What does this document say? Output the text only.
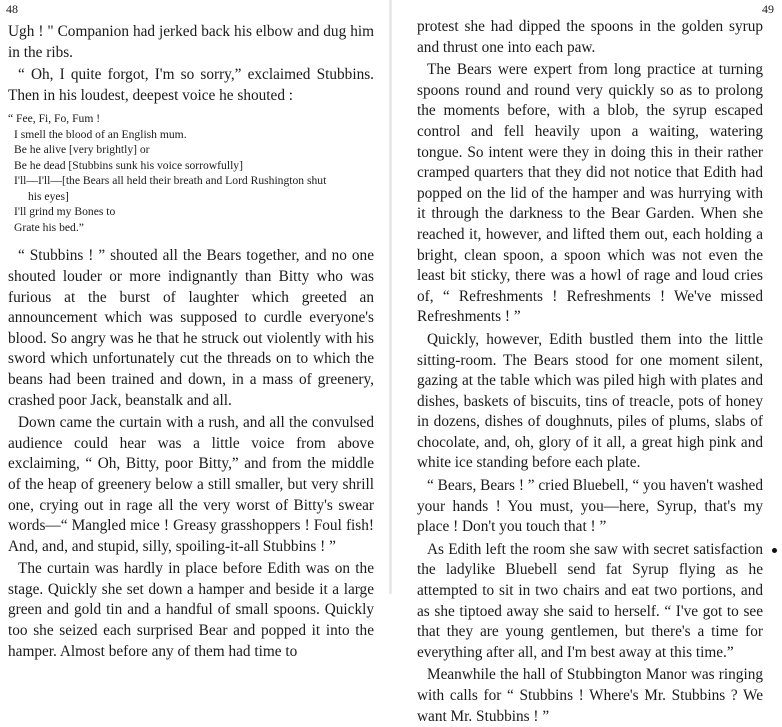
48

Ugh ! " Companion had jerked back his elbow and dug him in the ribs.

“ Oh, I quite forgot, I'm so sorry,” exclaimed Stubbins. Then in his loudest, deepest voice he shouted :

“ Fee, Fi, Fo, Fum !
I smell the blood of an English mum.
Be he alive [very brightly] or
Be he dead [Stubbins sunk his voice sorrowfully]
I'll—I'll—[the Bears all held their breath and Lord Rushington shut
his eyes]
I'll grind my Bones to
Grate his bed.”

“ Stubbins ! ” shouted all the Bears together, and no one shouted louder or more indignantly than Bitty who was furious at the burst of laughter which greeted an announcement which was supposed to curdle everyone's blood. So angry was he that he struck out violently with his sword which unfortunately cut the threads on to which the beans had been trained and down, in a mass of greenery, crashed poor Jack, beanstalk and all.

Down came the curtain with a rush, and all the convulsed audience could hear was a little voice from above exclaiming, “ Oh, Bitty, poor Bitty,” and from the middle of the heap of greenery below a still smaller, but very shrill one, crying out in rage all the very worst of Bitty's swear words—“ Mangled mice ! Greasy grasshoppers ! Foul fish! And, and, and stupid, silly, spoiling-it-all Stubbins ! ”

The curtain was hardly in place before Edith was on the stage. Quickly she set down a hamper and beside it a large green and gold tin and a handful of small spoons. Quickly too she seized each surprised Bear and popped it into the hamper. Almost before any of them had time to

49

protest she had dipped the spoons in the golden syrup and thrust one into each paw.

The Bears were expert from long practice at turning spoons round and round very quickly so as to prolong the moments before, with a blob, the syrup escaped control and fell heavily upon a waiting, watering tongue. So intent were they in doing this in their rather cramped quarters that they did not notice that Edith had popped on the lid of the hamper and was hurrying with it through the darkness to the Bear Garden. When she reached it, however, and lifted them out, each holding a bright, clean spoon, a spoon which was not even the least bit sticky, there was a howl of rage and loud cries of, “ Refreshments ! Refreshments ! We've missed Refreshments ! ”

Quickly, however, Edith bustled them into the little sitting-room. The Bears stood for one moment silent, gazing at the table which was piled high with plates and dishes, baskets of biscuits, tins of treacle, pots of honey in dozens, dishes of doughnuts, piles of plums, slabs of chocolate, and, oh, glory of it all, a great high pink and white ice standing before each plate.

“ Bears, Bears ! ” cried Bluebell, “ you haven't washed your hands ! You must, you—here, Syrup, that's my place ! Don't you touch that ! ”

As Edith left the room she saw with secret satisfaction the ladylike Bluebell send fat Syrup flying as he attempted to sit in two chairs and eat two portions, and as she tiptoed away she said to herself. “ I've got to see that they are young gentlemen, but there's a time for everything after all, and I'm best away at this time.”

Meanwhile the hall of Stubbington Manor was ringing with calls for “ Stubbins ! Where's Mr. Stubbins ? We want Mr. Stubbins ! ”
